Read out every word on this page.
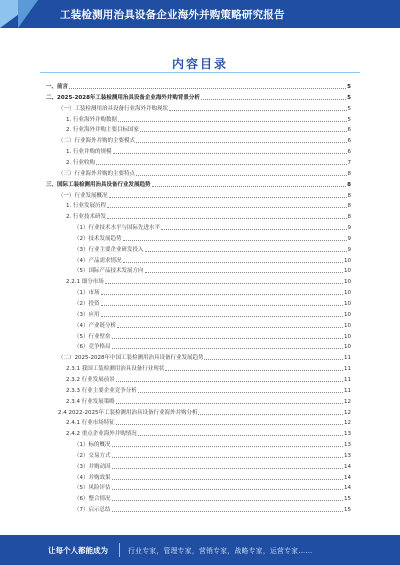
工装检测用治具设备企业海外并购策略研究报告
内容目录
一、前言	5
二、2025-2028年工装检测用治具设备企业海外并购背景分析	5
（一）工装检测用治具设备行业海外并购现状	5
1. 行业海外并购数据	5
2. 行业海外并购主要目标国家	6
（二）行业海外并购的主要模式	6
1. 行业并购的规模	6
2. 行业收购	7
（三）行业海外并购的主要特点	8
三、国际工装检测用治具设备行业发展趋势	8
（一）行业发展概况	8
1. 行业发展历程	8
2. 行业技术研发	8
（1）行业技术水平与国际先进水平	9
（2）技术发展趋势	9
（3）行业主要企业研发投入	9
（4）产品需求情况	10
（5）国际产品技术发展方向	10
2.2.1 细分市场	10
（1）市场	10
（2）投资	10
（3）应用	10
（4）产业链分析	10
（5）行业壁垒	10
（6）竞争格局	10
（二）2025-2028年中国工装检测用治具设备行业发展趋势	11
2.3.1 我国工装检测用治具设备行业现状	11
2.3.2 行业发展前景	11
2.3.3 行业主要企业竞争分析	11
2.3.4 行业发展策略	12
2.4 2022-2025年工装检测用治具设备行业海外并购分析	12
2.4.1 行业市场特征	12
2.4.2 重点企业海外并购情况	13
（1）标的概况	13
（2）交易方式	13
（3）并购动因	14
（4）并购效果	14
（5）风险评估	14
（6）整合情况	15
（7）启示总结	15
让每个人都能成为	行业专家，管理专家，营销专家，战略专家，运营专家……
